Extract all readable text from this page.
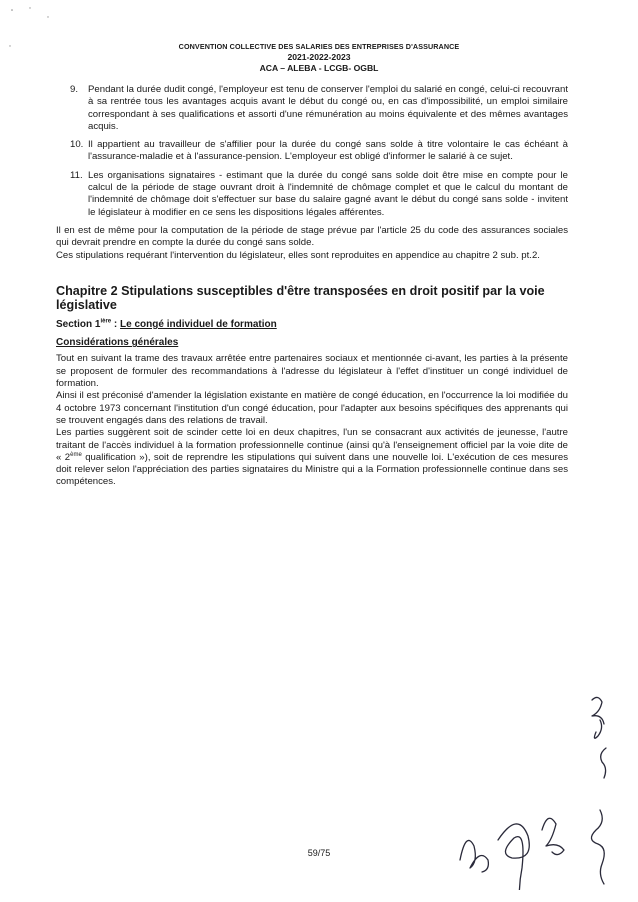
CONVENTION COLLECTIVE DES SALARIES DES ENTREPRISES D'ASSURANCE
2021-2022-2023
ACA – ALEBA - LCGB- OGBL
9.	Pendant la durée dudit congé, l'employeur est tenu de conserver l'emploi du salarié en congé, celui-ci recouvrant à sa rentrée tous les avantages acquis avant le début du congé ou, en cas d'impossibilité, un emploi similaire correspondant à ses qualifications et assorti d'une rémunération au moins équivalente et des mêmes avantages acquis.
10. Il appartient au travailleur de s'affilier pour la durée du congé sans solde à titre volontaire le cas échéant à l'assurance-maladie et à l'assurance-pension. L'employeur est obligé d'informer le salarié à ce sujet.
11. Les organisations signataires - estimant que la durée du congé sans solde doit être mise en compte pour le calcul de la période de stage ouvrant droit à l'indemnité de chômage complet et que le calcul du montant de l'indemnité de chômage doit s'effectuer sur base du salaire gagné avant le début du congé sans solde - invitent le législateur à modifier en ce sens les dispositions légales afférentes.

Il en est de même pour la computation de la période de stage prévue par l'article 25 du code des assurances sociales qui devrait prendre en compte la durée du congé sans solde.

Ces stipulations requérant l'intervention du législateur, elles sont reproduites en appendice au chapitre 2 sub. pt.2.

Chapitre 2 Stipulations susceptibles d'être transposées en droit positif par la voie législative
Section $1^{ière}$ : Le congé individuel de formation
Considérations générales

Tout en suivant la trame des travaux arrêtée entre partenaires sociaux et mentionnée ci-avant, les parties à la présente se proposent de formuler des recommandations à l'adresse du législateur à l'effet d'instituer un congé individuel de formation.

Ainsi il est préconisé d'amender la législation existante en matière de congé éducation, en l'occurrence la loi modifiée du 4 octobre 1973 concernant l'institution d'un congé éducation, pour l'adapter aux besoins spécifiques des apprenants qui se trouvent engagés dans des relations de travail.

Les parties suggèrent soit de scinder cette loi en deux chapitres, l'un se consacrant aux activités de jeunesse, l'autre traitant de l'accès individuel à la formation professionnelle continue (ainsi qu'à l'enseignement officiel par la voie dite de « 2ème qualification »), soit de reprendre les stipulations qui suivent dans une nouvelle loi. L'exécution de ces mesures doit relever selon l'appréciation des parties signataires du Ministre qui a la Formation professionnelle continue dans ses compétences.

59/75
